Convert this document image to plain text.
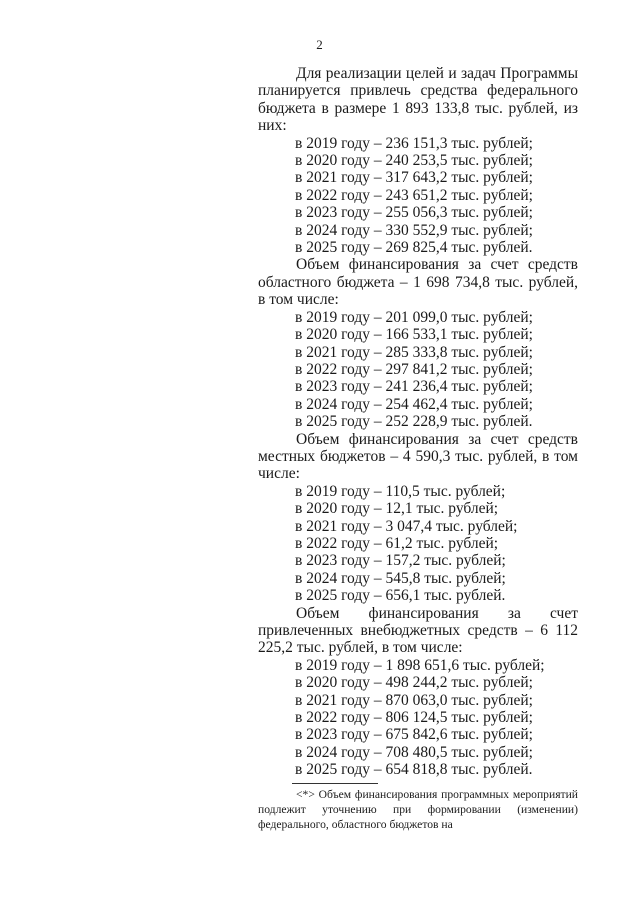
2

Для реализации целей и задач Программы планируется привлечь средства федерального бюджета в размере 1 893 133,8 тыс. рублей, из них:

в 2019 году – 236 151,3 тыс. рублей;

в 2020 году – 240 253,5 тыс. рублей;

в 2021 году – 317 643,2 тыс. рублей;

в 2022 году – 243 651,2 тыс. рублей;

в 2023 году – 255 056,3 тыс. рублей;

в 2024 году – 330 552,9 тыс. рублей;

в 2025 году – 269 825,4 тыс. рублей.

Объем финансирования за счет средств областного бюджета – 1 698 734,8 тыс. рублей, в том числе:

в 2019 году – 201 099,0 тыс. рублей;

в 2020 году – 166 533,1 тыс. рублей;

в 2021 году – 285 333,8 тыс. рублей;

в 2022 году – 297 841,2 тыс. рублей;

в 2023 году – 241 236,4 тыс. рублей;

в 2024 году – 254 462,4 тыс. рублей;

в 2025 году – 252 228,9 тыс. рублей.

Объем финансирования за счет средств местных бюджетов – 4 590,3 тыс. рублей, в том числе:

в 2019 году – 110,5 тыс. рублей;

в 2020 году – 12,1 тыс. рублей;

в 2021 году – 3 047,4 тыс. рублей;

в 2022 году – 61,2 тыс. рублей;

в 2023 году – 157,2 тыс. рублей;

в 2024 году – 545,8 тыс. рублей;

в 2025 году – 656,1 тыс. рублей.

Объем финансирования за счет привлеченных внебюджетных средств – 6 112 225,2 тыс. рублей, в том числе:

в 2019 году – 1 898 651,6 тыс. рублей;

в 2020 году – 498 244,2 тыс. рублей;

в 2021 году – 870 063,0 тыс. рублей;

в 2022 году – 806 124,5 тыс. рублей;

в 2023 году – 675 842,6 тыс. рублей;

в 2024 году – 708 480,5 тыс. рублей;

в 2025 году – 654 818,8 тыс. рублей.

<*> Объем финансирования программных мероприятий подлежит уточнению при формировании (изменении) федерального, областного бюджетов на
